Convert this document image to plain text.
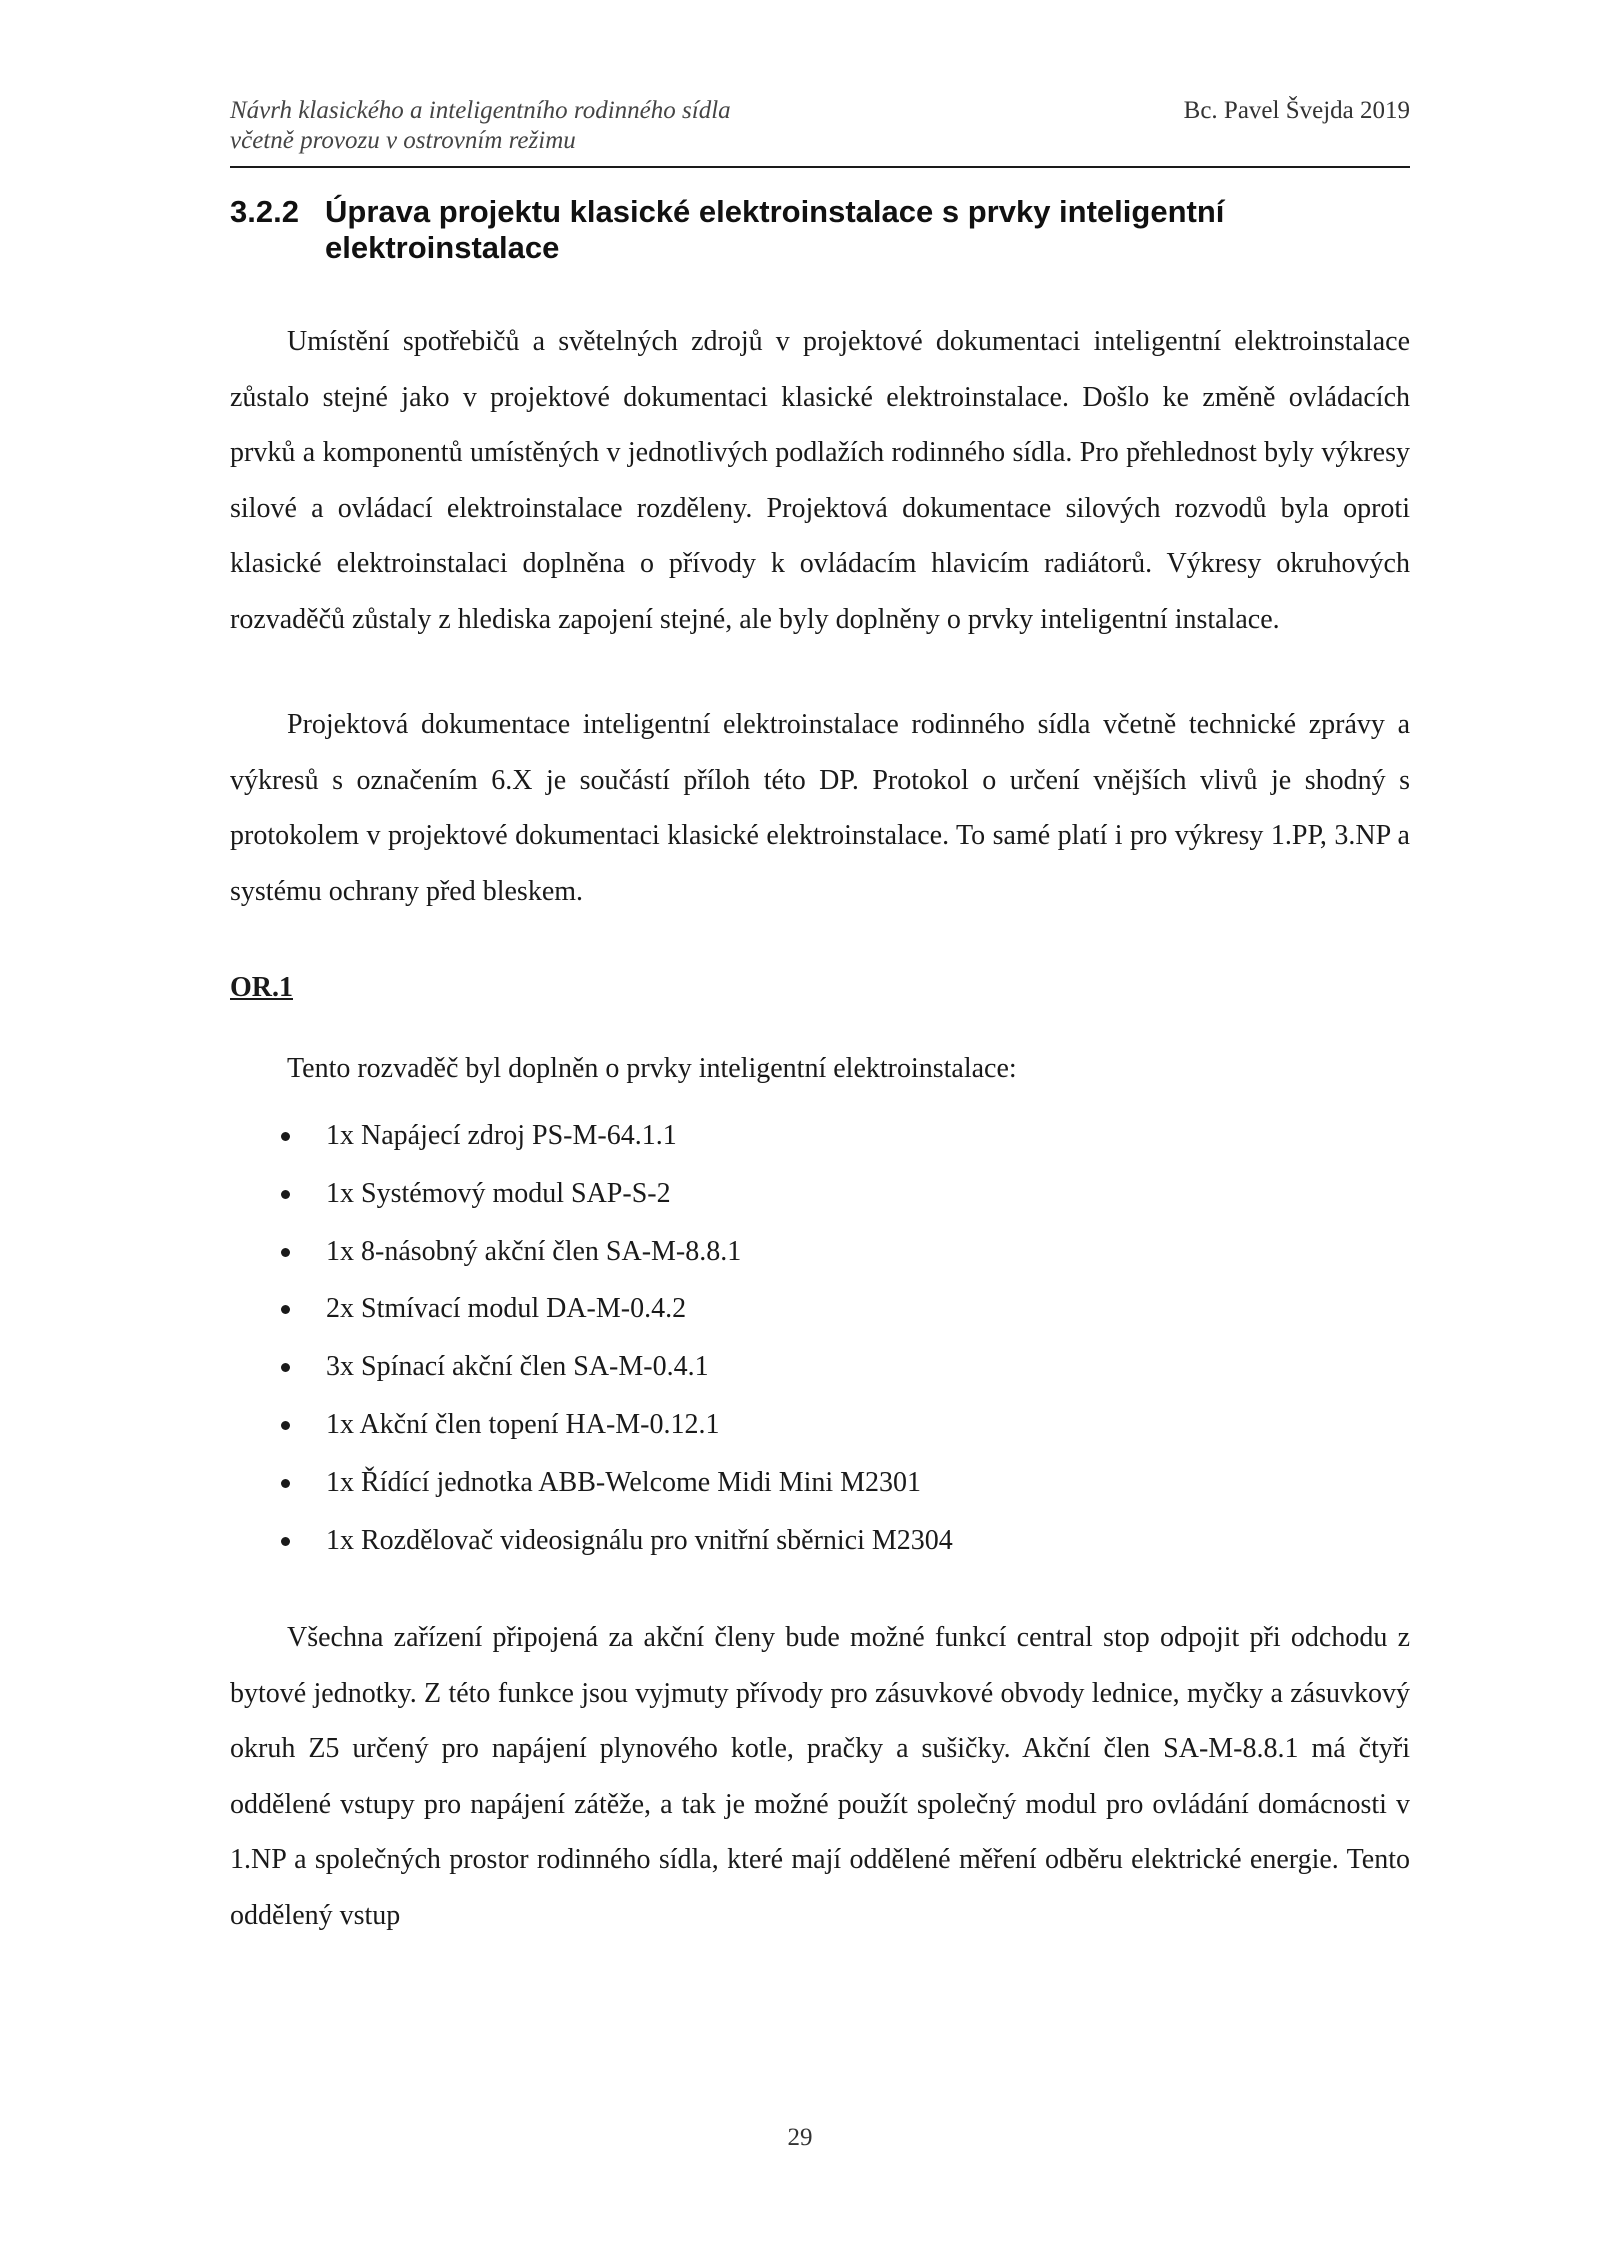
Návrh klasického a inteligentního rodinného sídla
včetně provozu v ostrovním režimu
Bc. Pavel Švejda 2019
3.2.2 Úprava projektu klasické elektroinstalace s prvky inteligentní elektroinstalace

Umístění spotřebičů a světelných zdrojů v projektové dokumentaci inteligentní elektroinstalace zůstalo stejné jako v projektové dokumentaci klasické elektroinstalace. Došlo ke změně ovládacích prvků a komponentů umístěných v jednotlivých podlažích rodinného sídla. Pro přehlednost byly výkresy silové a ovládací elektroinstalace rozděleny. Projektová dokumentace silových rozvodů byla oproti klasické elektroinstalaci doplněna o přívody k ovládacím hlavicím radiátorů. Výkresy okruhových rozvaděčů zůstaly z hlediska zapojení stejné, ale byly doplněny o prvky inteligentní instalace.

Projektová dokumentace inteligentní elektroinstalace rodinného sídla včetně technické zprávy a výkresů s označením 6.X je součástí příloh této DP. Protokol o určení vnějších vlivů je shodný s protokolem v projektové dokumentaci klasické elektroinstalace. To samé platí i pro výkresy 1.PP, 3.NP a systému ochrany před bleskem.

OR.1
Tento rozvaděč byl doplněn o prvky inteligentní elektroinstalace:
1x Napájecí zdroj PS-M-64.1.1
1x Systémový modul SAP-S-2
1x 8-násobný akční člen SA-M-8.8.1
2x Stmívací modul DA-M-0.4.2
3x Spínací akční člen SA-M-0.4.1
1x Akční člen topení HA-M-0.12.1
1x Řídící jednotka ABB-Welcome Midi Mini M2301
1x Rozdělovač videosignálu pro vnitřní sběrnici M2304

Všechna zařízení připojená za akční členy bude možné funkcí central stop odpojit při odchodu z bytové jednotky. Z této funkce jsou vyjmuty přívody pro zásuvkové obvody lednice, myčky a zásuvkový okruh Z5 určený pro napájení plynového kotle, pračky a sušičky. Akční člen SA-M-8.8.1 má čtyři oddělené vstupy pro napájení zátěže, a tak je možné použít společný modul pro ovládání domácnosti v 1.NP a společných prostor rodinného sídla, které mají oddělené měření odběru elektrické energie. Tento oddělený vstup

29
